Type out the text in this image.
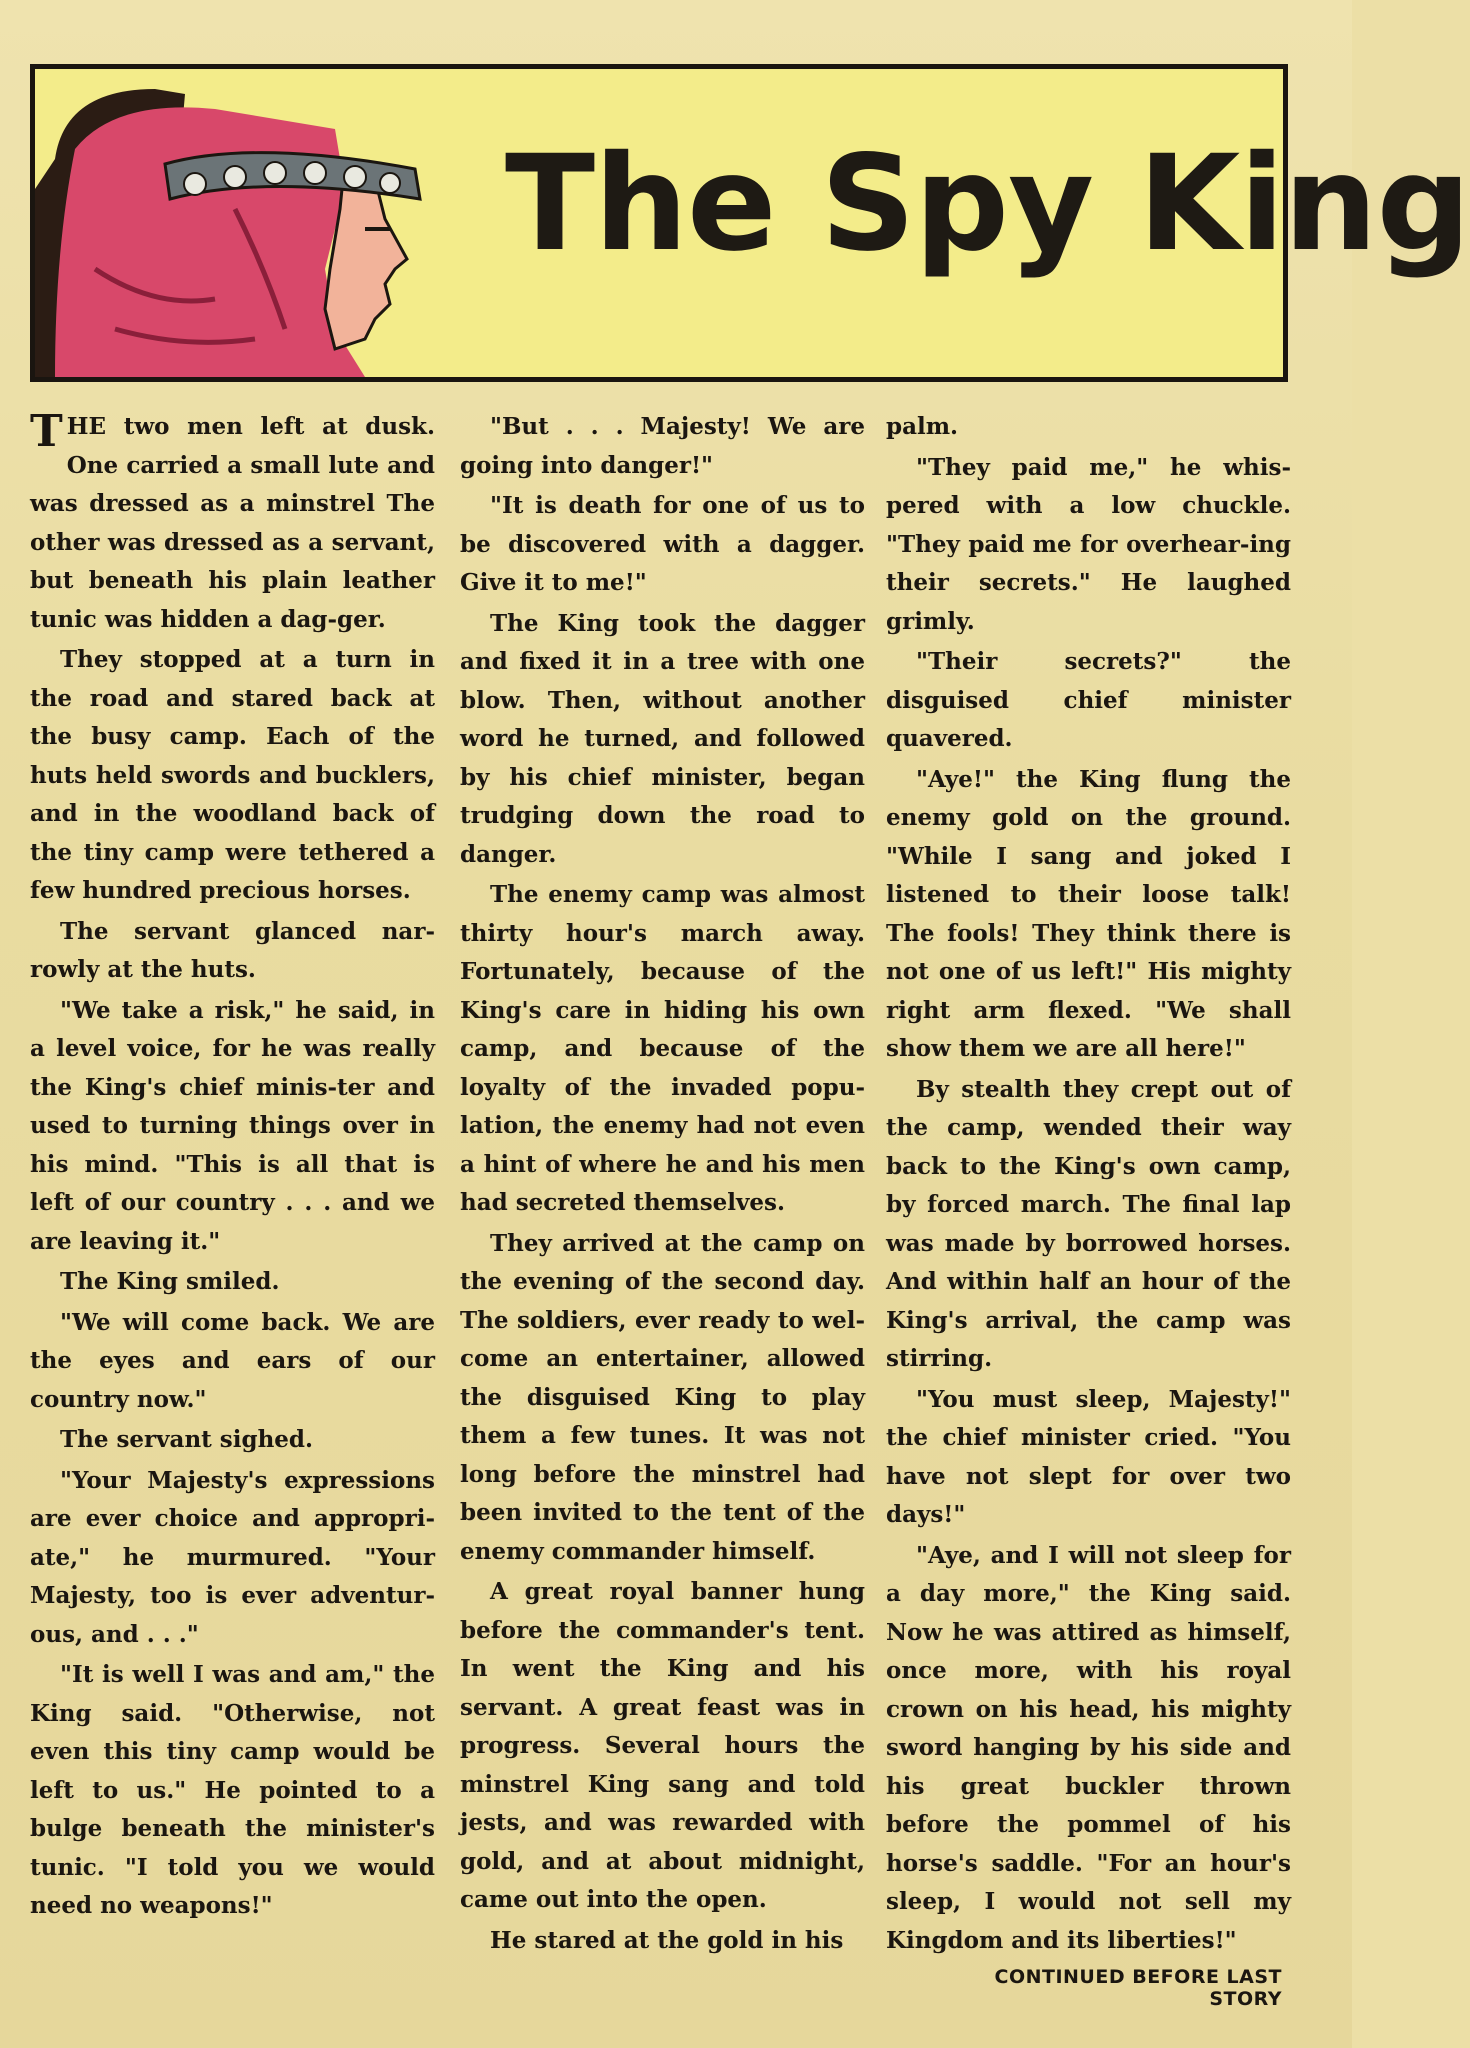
The Spy King

THE two men left at dusk. One carried a small lute and was dressed as a minstrel The other was dressed as a servant, but beneath his plain leather tunic was hidden a dag-ger.

They stopped at a turn in the road and stared back at the busy camp. Each of the huts held swords and bucklers, and in the woodland back of the tiny camp were tethered a few hundred precious horses.

The servant glanced nar-rowly at the huts.

"We take a risk," he said, in a level voice, for he was really the King's chief minis-ter and used to turning things over in his mind. "This is all that is left of our country . . . and we are leaving it."

The King smiled.

"We will come back. We are the eyes and ears of our country now."

The servant sighed.

"Your Majesty's expressions are ever choice and appropri-ate," he murmured. "Your Majesty, too is ever adventur-ous, and . . ."

"It is well I was and am," the King said. "Otherwise, not even this tiny camp would be left to us." He pointed to a bulge beneath the minister's tunic. "I told you we would need no weapons!"

"But . . . Majesty! We are going into danger!"

"It is death for one of us to be discovered with a dagger. Give it to me!"

The King took the dagger and fixed it in a tree with one blow. Then, without another word he turned, and followed by his chief minister, began trudging down the road to danger.

The enemy camp was almost thirty hour's march away. Fortunately, because of the King's care in hiding his own camp, and because of the loyalty of the invaded popu-lation, the enemy had not even a hint of where he and his men had secreted themselves.

They arrived at the camp on the evening of the second day. The soldiers, ever ready to wel-come an entertainer, allowed the disguised King to play them a few tunes. It was not long before the minstrel had been invited to the tent of the enemy commander himself.

A great royal banner hung before the commander's tent. In went the King and his servant. A great feast was in progress. Several hours the minstrel King sang and told jests, and was rewarded with gold, and at about midnight, came out into the open.

He stared at the gold in his

palm.

"They paid me," he whis-pered with a low chuckle. "They paid me for overhear-ing their secrets." He laughed grimly.

"Their secrets?" the disguised chief minister quavered.

"Aye!" the King flung the enemy gold on the ground. "While I sang and joked I listened to their loose talk! The fools! They think there is not one of us left!" His mighty right arm flexed. "We shall show them we are all here!"

By stealth they crept out of the camp, wended their way back to the King's own camp, by forced march. The final lap was made by borrowed horses. And within half an hour of the King's arrival, the camp was stirring.

"You must sleep, Majesty!" the chief minister cried. "You have not slept for over two days!"

"Aye, and I will not sleep for a day more," the King said. Now he was attired as himself, once more, with his royal crown on his head, his mighty sword hanging by his side and his great buckler thrown before the pommel of his horse's saddle. "For an hour's sleep, I would not sell my Kingdom and its liberties!"

CONTINUED BEFORE LAST STORY
